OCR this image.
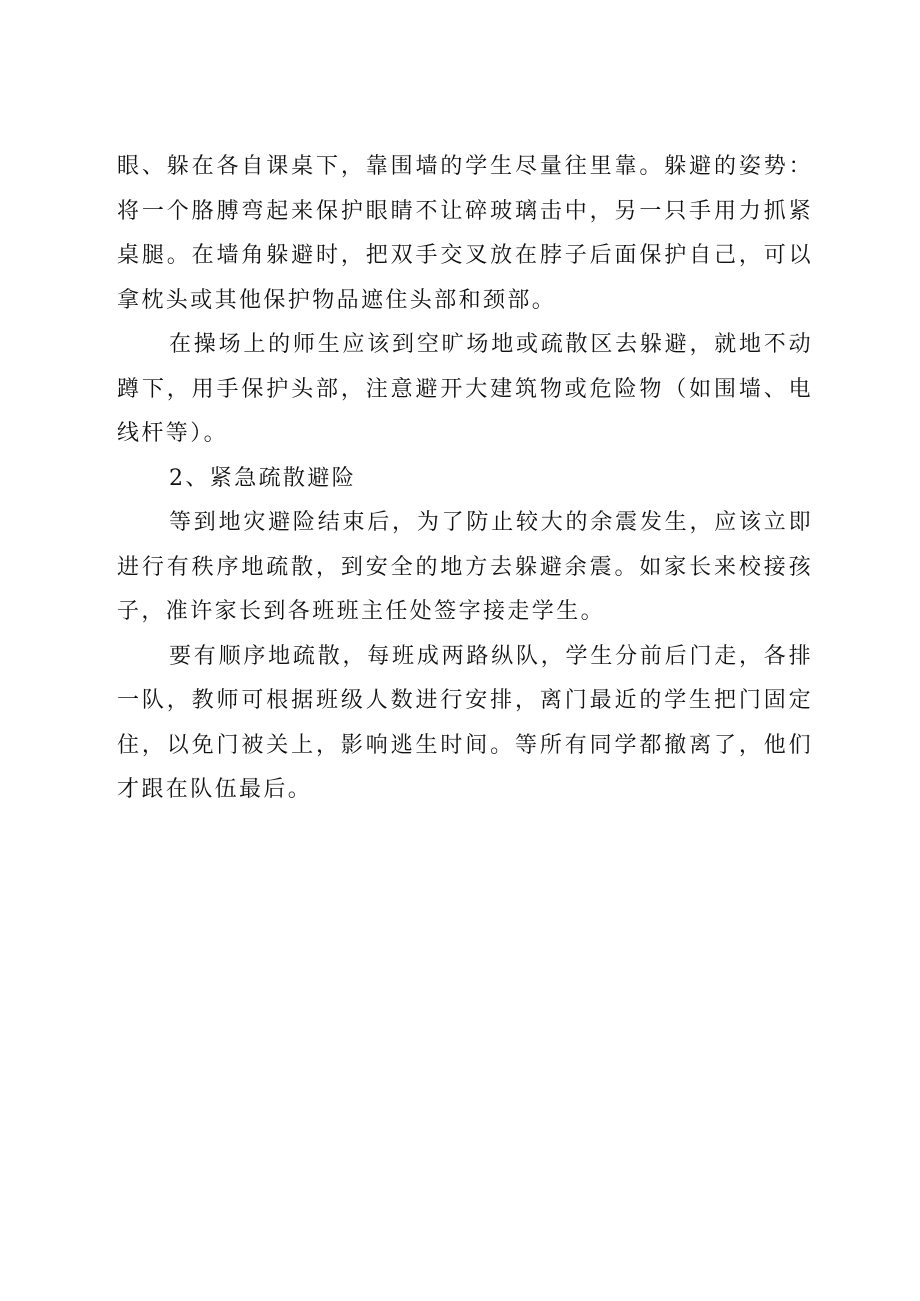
眼、躲在各自课桌下，靠围墙的学生尽量往里靠。躲避的姿势：将一个胳膊弯起来保护眼睛不让碎玻璃击中，另一只手用力抓紧桌腿。在墙角躲避时，把双手交叉放在脖子后面保护自己，可以拿枕头或其他保护物品遮住头部和颈部。

在操场上的师生应该到空旷场地或疏散区去躲避，就地不动蹲下，用手保护头部，注意避开大建筑物或危险物（如围墙、电线杆等）。

2、紧急疏散避险

等到地灾避险结束后，为了防止较大的余震发生，应该立即进行有秩序地疏散，到安全的地方去躲避余震。如家长来校接孩子，准许家长到各班班主任处签字接走学生。

要有顺序地疏散，每班成两路纵队，学生分前后门走，各排一队，教师可根据班级人数进行安排，离门最近的学生把门固定住，以免门被关上，影响逃生时间。等所有同学都撤离了，他们才跟在队伍最后。
